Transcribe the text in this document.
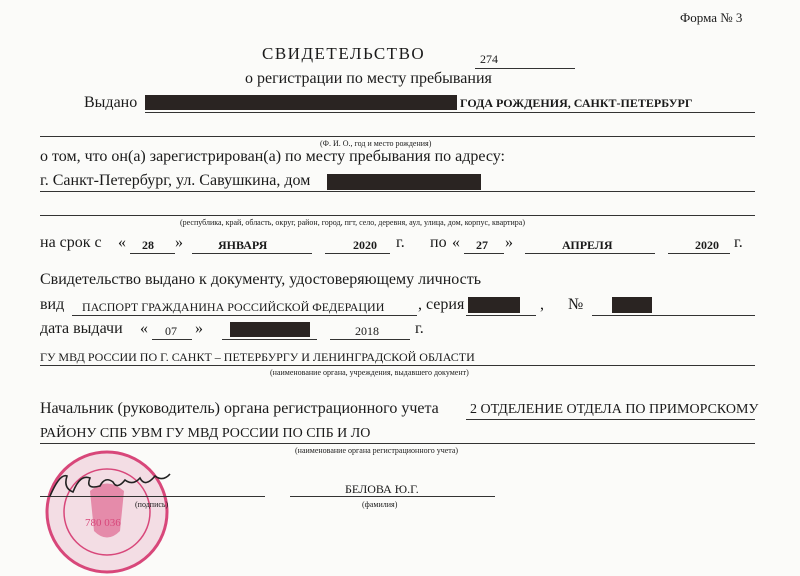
Форма № 3
СВИДЕТЕЛЬСТВО	274
о регистрации по месту пребывания
Выдано	ГОДА РОЖДЕНИЯ, САНКТ-ПЕТЕРБУРГ
(Ф. И. О., год и место рождения)
о том, что он(а) зарегистрирован(а) по месту пребывания по адресу:
г. Санкт-Петербург, ул. Савушкина, дом
(республика, край, область, округ, район, город, пгт, село, деревня, аул, улица, дом, корпус, квартира)
на срок с « 28 »	ЯНВАРЯ	2020 г. по « 27 »	АПРЕЛЯ	2020 г.
Свидетельство выдано к документу, удостоверяющему личность
вид ПАСПОРТ ГРАЖДАНИНА РОССИЙСКОЙ ФЕДЕРАЦИИ , серия	, №
дата выдачи « 07 »	2018 г.
ГУ МВД РОССИИ ПО Г. САНКТ – ПЕТЕРБУРГУ И ЛЕНИНГРАДСКОЙ ОБЛАСТИ
(наименование органа, учреждения, выдавшего документ)
Начальник (руководитель) органа регистрационного учета 2 ОТДЕЛЕНИЕ ОТДЕЛА ПО ПРИМОРСКОМУ
РАЙОНУ СПБ УВМ ГУ МВД РОССИИ ПО СПБ И ЛО
(наименование органа регистрационного учета)
780 036
(подпись)
БЕЛОВА Ю.Г.
(фамилия)
